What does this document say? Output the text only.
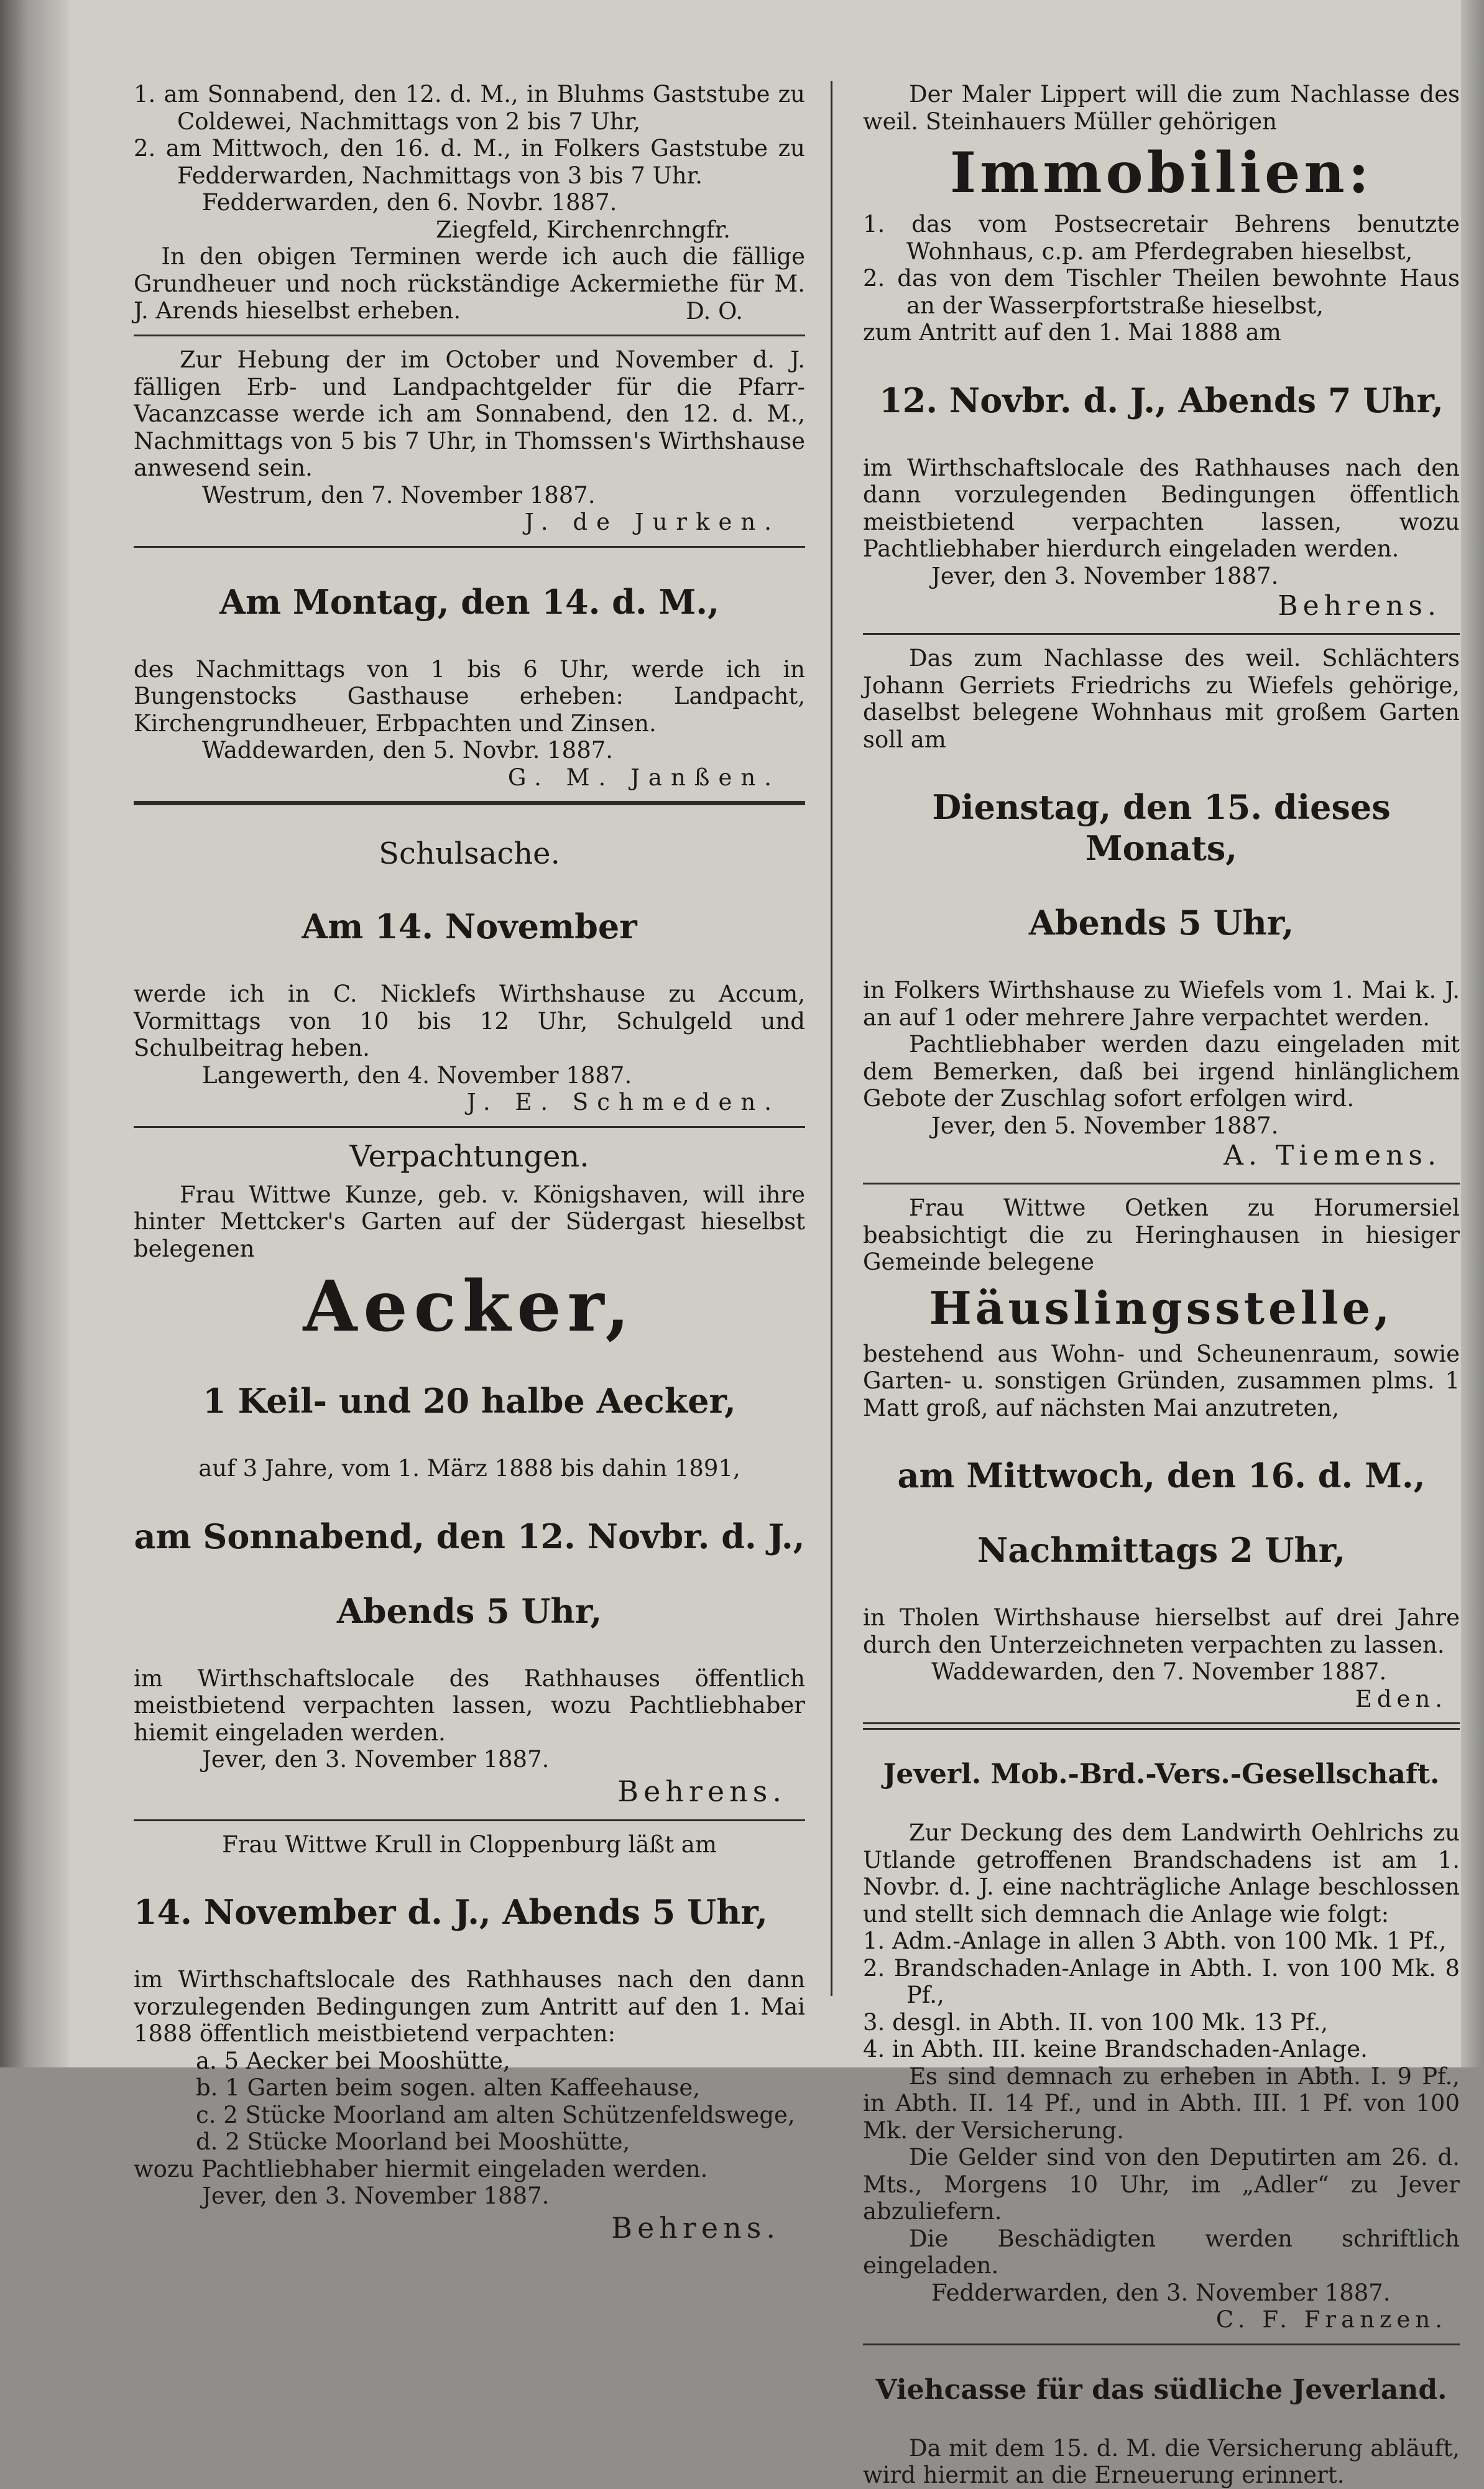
1. am Sonnabend, den 12. d. M., in Bluhms Gaststube zu Coldewei, Nachmittags von 2 bis 7 Uhr,

2. am Mittwoch, den 16. d. M., in Folkers Gaststube zu Fedderwarden, Nachmittags von 3 bis 7 Uhr.

Fedderwarden, den 6. Novbr. 1887.

Ziegfeld, Kirchenrchngfr.

In den obigen Terminen werde ich auch die fällige Grundheuer und noch rückständige Ackermiethe für M. J. Arends hieselbst erheben.	D. O.

Zur Hebung der im October und November d. J. fälligen Erb- und Landpachtgelder für die Pfarr-Vacanzcasse werde ich am Sonnabend, den 12. d. M., Nachmittags von 5 bis 7 Uhr, in Thomssen's Wirthshause anwesend sein.

Westrum, den 7. November 1887.

J. de Jurken.

Am Montag, den 14. d. M.,

des Nachmittags von 1 bis 6 Uhr, werde ich in Bungenstocks Gasthause erheben: Landpacht, Kirchengrundheuer, Erbpachten und Zinsen.

Waddewarden, den 5. Novbr. 1887.

G. M. Janßen.

Schulsache.

Am 14. November

werde ich in C. Nicklefs Wirthshause zu Accum, Vormittags von 10 bis 12 Uhr, Schulgeld und Schulbeitrag heben.

Langewerth, den 4. November 1887.

J. E. Schmeden.

Verpachtungen.

Frau Wittwe Kunze, geb. v. Königshaven, will ihre hinter Mettcker's Garten auf der Südergast hieselbst belegenen

Aecker,

1 Keil- und 20 halbe Aecker,

auf 3 Jahre, vom 1. März 1888 bis dahin 1891,

am Sonnabend, den 12. Novbr. d. J.,

Abends 5 Uhr,

im Wirthschaftslocale des Rathhauses öffentlich meistbietend verpachten lassen, wozu Pachtliebhaber hiemit eingeladen werden.

Jever, den 3. November 1887.

Behrens.

Frau Wittwe Krull in Cloppenburg läßt am

14. November d. J., Abends 5 Uhr,

im Wirthschaftslocale des Rathhauses nach den dann vorzulegenden Bedingungen zum Antritt auf den 1. Mai 1888 öffentlich meistbietend verpachten:

a. 5 Aecker bei Mooshütte,

b. 1 Garten beim sogen. alten Kaffeehause,

c. 2 Stücke Moorland am alten Schützenfeldswege,

d. 2 Stücke Moorland bei Mooshütte,

wozu Pachtliebhaber hiermit eingeladen werden.

Jever, den 3. November 1887.

Behrens.

Der Maler Lippert will die zum Nachlasse des weil. Steinhauers Müller gehörigen

Immobilien:

1. das vom Postsecretair Behrens benutzte Wohnhaus, c.p. am Pferdegraben hieselbst,

2. das von dem Tischler Theilen bewohnte Haus an der Wasserpfortstraße hieselbst,

zum Antritt auf den 1. Mai 1888 am

12. Novbr. d. J., Abends 7 Uhr,

im Wirthschaftslocale des Rathhauses nach den dann vorzulegenden Bedingungen öffentlich meistbietend verpachten lassen, wozu Pachtliebhaber hierdurch eingeladen werden.

Jever, den 3. November 1887.

Behrens.

Das zum Nachlasse des weil. Schlächters Johann Gerriets Friedrichs zu Wiefels gehörige, daselbst belegene Wohnhaus mit großem Garten soll am

Dienstag, den 15. dieses Monats,

Abends 5 Uhr,

in Folkers Wirthshause zu Wiefels vom 1. Mai k. J. an auf 1 oder mehrere Jahre verpachtet werden.

Pachtliebhaber werden dazu eingeladen mit dem Bemerken, daß bei irgend hinlänglichem Gebote der Zuschlag sofort erfolgen wird.

Jever, den 5. November 1887.

A. Tiemens.

Frau Wittwe Oetken zu Horumersiel beabsichtigt die zu Heringhausen in hiesiger Gemeinde belegene

Häuslingsstelle,

bestehend aus Wohn- und Scheunenraum, sowie Garten- u. sonstigen Gründen, zusammen plms. 1 Matt groß, auf nächsten Mai anzutreten,

am Mittwoch, den 16. d. M.,

Nachmittags 2 Uhr,

in Tholen Wirthshause hierselbst auf drei Jahre durch den Unterzeichneten verpachten zu lassen.

Waddewarden, den 7. November 1887.

Eden.

Jeverl. Mob.-Brd.-Vers.-Gesellschaft.

Zur Deckung des dem Landwirth Oehlrichs zu Utlande getroffenen Brandschadens ist am 1. Novbr. d. J. eine nachträgliche Anlage beschlossen und stellt sich demnach die Anlage wie folgt:

1. Adm.-Anlage in allen 3 Abth. von 100 Mk. 1 Pf.,

2. Brandschaden-Anlage in Abth. I. von 100 Mk. 8 Pf.,

3. desgl. in Abth. II. von 100 Mk. 13 Pf.,

4. in Abth. III. keine Brandschaden-Anlage.

Es sind demnach zu erheben in Abth. I. 9 Pf., in Abth. II. 14 Pf., und in Abth. III. 1 Pf. von 100 Mk. der Versicherung.

Die Gelder sind von den Deputirten am 26. d. Mts., Morgens 10 Uhr, im „Adler“ zu Jever abzuliefern.

Die Beschädigten werden schriftlich eingeladen.

Fedderwarden, den 3. November 1887.

C. F. Franzen.

Viehcasse für das südliche Jeverland.

Da mit dem 15. d. M. die Versicherung abläuft, wird hiermit an die Erneuerung erinnert.
